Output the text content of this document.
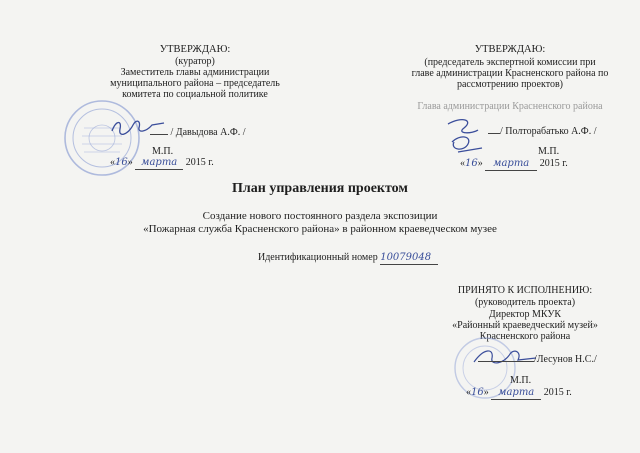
УТВЕРЖДАЮ:
(куратор)
Заместитель главы администрации
муниципального района – председатель
комитета по социальной политике
/ Давыдова А.Ф. /
М.П.
«16» марта 2015 г.
УТВЕРЖДАЮ:
(председатель экспертной комиссии при
главе администрации Красненского района по
рассмотрению проектов)
Глава администрации Красненского района
/ Полторабатько А.Ф. /
М.П.
«16» марта 2015 г.
План управления проектом
Создание нового постоянного раздела экспозиции
«Пожарная служба Красненского района» в районном краеведческом музее
Идентификационный номер 10079048
ПРИНЯТО К ИСПОЛНЕНИЮ:
(руководитель проекта)
Директор МКУК
«Районный краеведческий музей»
Красненского района
/Лесунов Н.С./
М.П.
«16» марта 2015 г.
